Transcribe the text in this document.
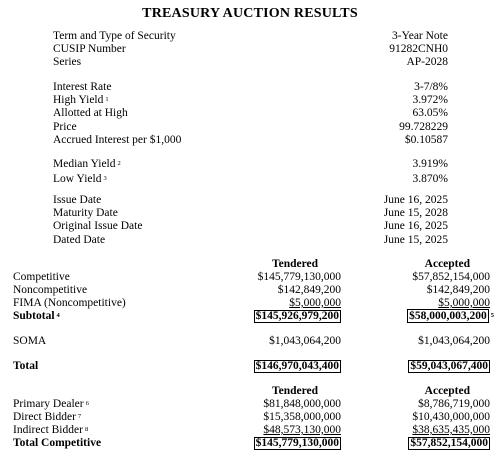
TREASURY AUCTION RESULTS
Term and Type of Security	3-Year Note
CUSIP Number	91282CNH0
Series	AP-2028
Interest Rate	3-7/8%
High Yield $^1$	3.972%
Allotted at High	63.05%
Price	99.728229
Accrued Interest per $1,000	$0.10587
Median Yield $^2$	3.919%
Low Yield $^3$	3.870%
Issue Date	June 16, 2025
Maturity Date	June 15, 2028
Original Issue Date	June 16, 2025
Dated Date	June 15, 2025
Tendered	Accepted
Competitive	$145,779,130,000	$57,852,154,000
Noncompetitive	$142,849,200	$142,849,200
FIMA (Noncompetitive)	$5,000,000	$5,000,000
Subtotal $^4$	$145,926,979,200	$58,000,003,200 $^5$
SOMA	$1,043,064,200	$1,043,064,200
Total	$146,970,043,400	$59,043,067,400
Tendered	Accepted
Primary Dealer $^6$	$81,848,000,000	$8,786,719,000
Direct Bidder $^7$	$15,358,000,000	$10,430,000,000
Indirect Bidder $^8$	$48,573,130,000	$38,635,435,000
Total Competitive	$145,779,130,000	$57,852,154,000
